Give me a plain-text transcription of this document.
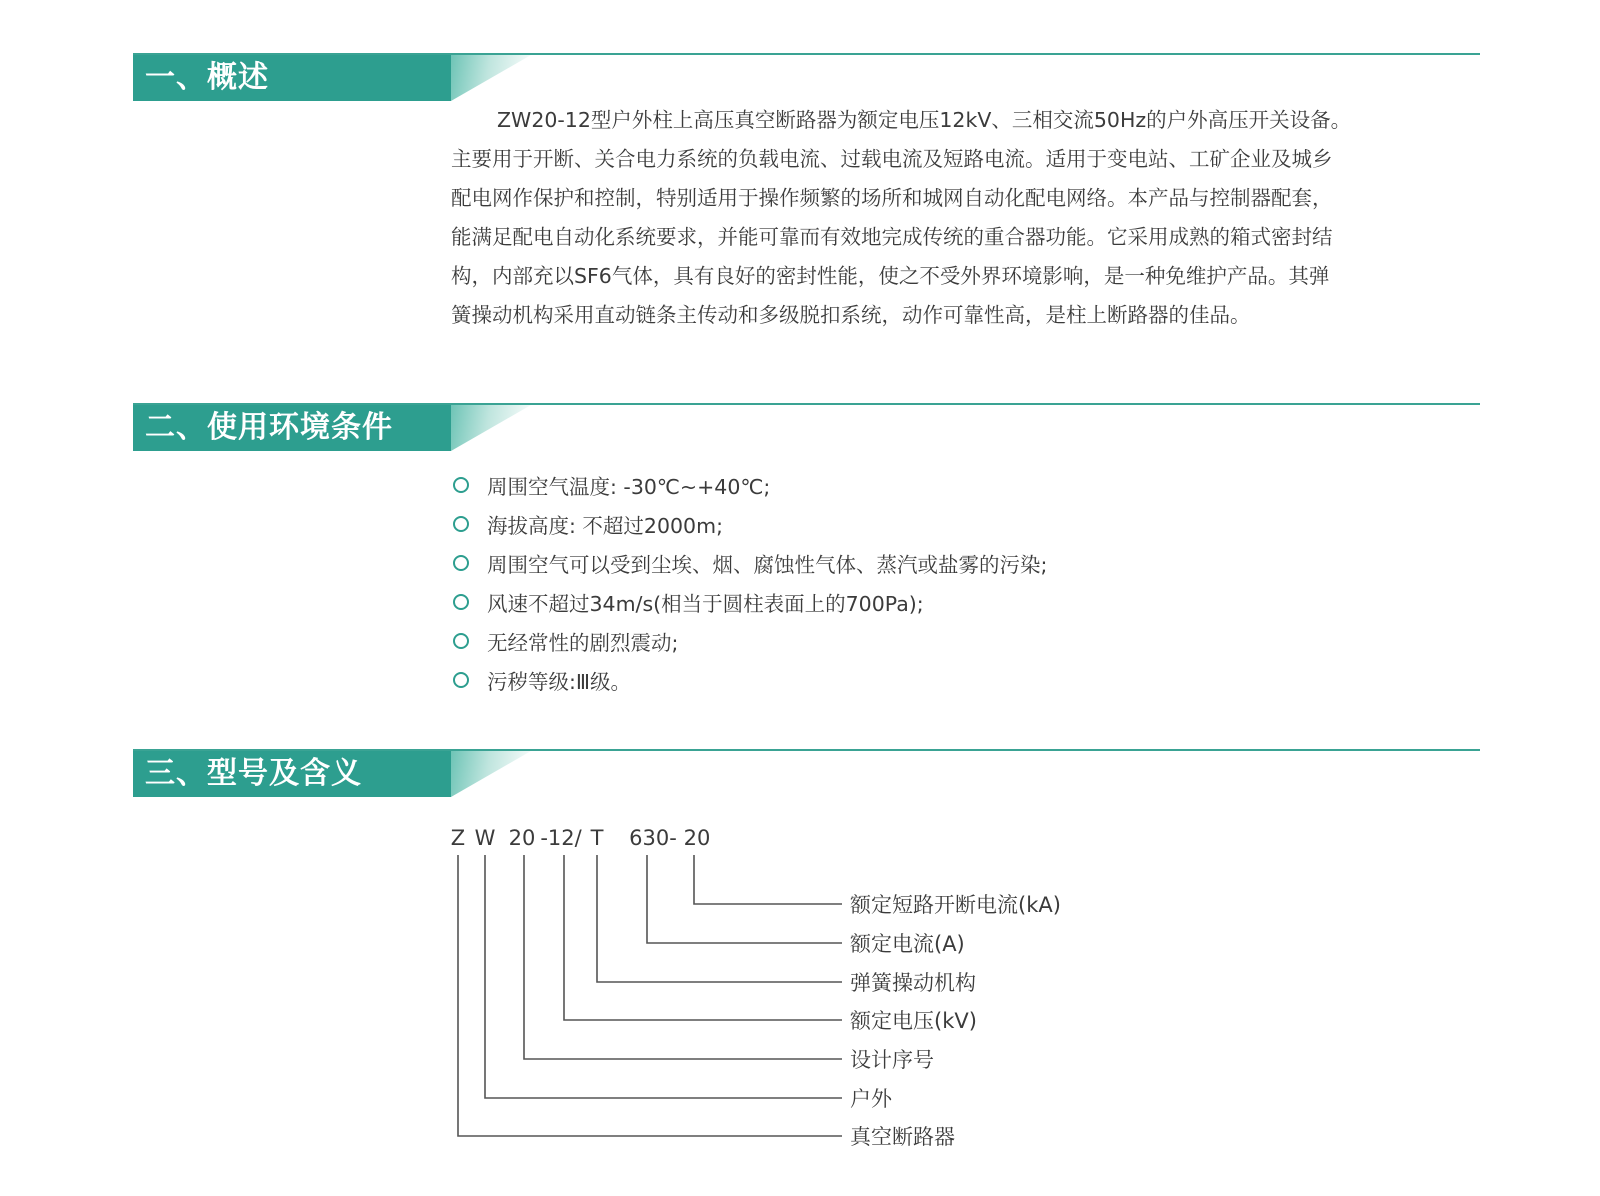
一、概述

ZW20-12型户外柱上高压真空断路器为额定电压12kV、三相交流50Hz的户外高压开关设备。
主要用于开断、关合电力系统的负载电流、过载电流及短路电流。适用于变电站、工矿企业及城乡
配电网作保护和控制，特别适用于操作频繁的场所和城网自动化配电网络。本产品与控制器配套，
能满足配电自动化系统要求，并能可靠而有效地完成传统的重合器功能。它采用成熟的箱式密封结
构，内部充以SF6气体，具有良好的密封性能，使之不受外界环境影响，是一种免维护产品。其弹
簧操动机构采用直动链条主传动和多级脱扣系统，动作可靠性高，是柱上断路器的佳品。

二、使用环境条件
周围空气温度: -30℃~+40℃;
海拔高度: 不超过2000m;
周围空气可以受到尘埃、烟、腐蚀性气体、蒸汽或盐雾的污染;
风速不超过34m/s(相当于圆柱表面上的700Pa);
无经常性的剧烈震动;
污秽等级:Ⅲ级。
三、型号及含义
Z W 20 -12/ T 630- 20
额定短路开断电流(kA)
额定电流(A)
弹簧操动机构
额定电压(kV)
设计序号
户外
真空断路器
